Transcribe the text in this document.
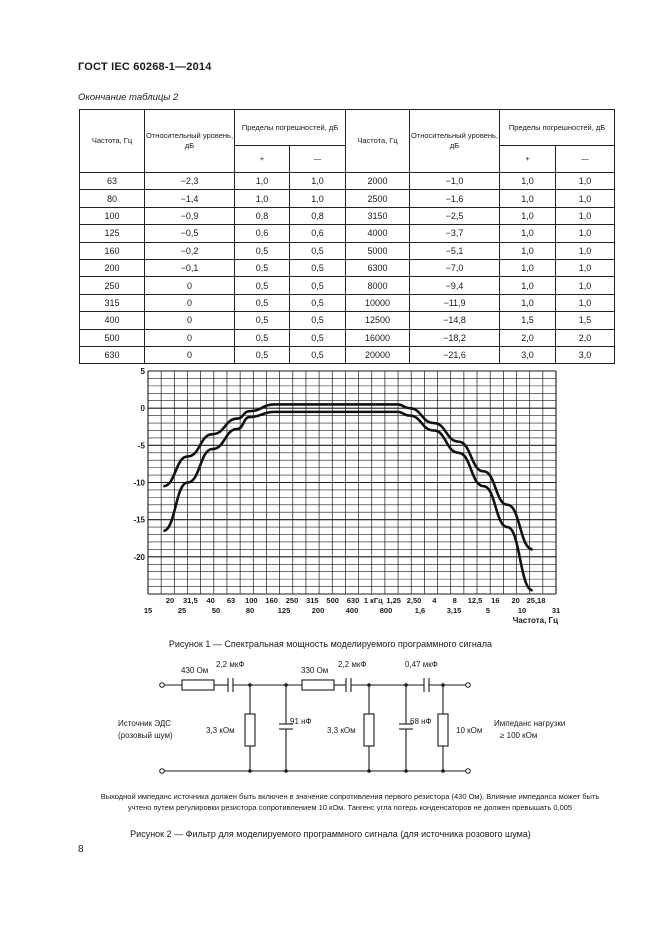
ГОСТ IEC 60268-1—2014
Окончание таблицы 2
Частота, Гц	Относительный уровень, дБ	Пределы погрешностей, дБ		Частота, Гц	Относительный уровень, дБ	Пределы погрешностей, дБ	
		+	—			+	—
63	−2,3	1,0	1,0	2000	−1,0	1,0	1,0
80	−1,4	1,0	1,0	2500	−1,6	1,0	1,0
100	−0,9	0,8	0,8	3150	−2,5	1,0	1,0
125	−0,5	0,6	0,6	4000	−3,7	1,0	1,0
160	−0,2	0,5	0,5	5000	−5,1	1,0	1,0
200	−0,1	0,5	0,5	6300	−7,0	1,0	1,0
250	0	0,5	0,5	8000	−9,4	1,0	1,0
315	0	0,5	0,5	10000	−11,9	1,0	1,0
400	0	0,5	0,5	12500	−14,8	1,5	1,5
500	0	0,5	0,5	16000	−18,2	2,0	2,0
630	0	0,5	0,5	20000	−21,6	3,0	3,0
5
0
-5
-10
-15
-20
20 31,5 40 63 100 160 250 315 500 630 1 кГц 1,25 2,50 4 8 12,5 16 20 25,18
15	25	50	80	125	200	400	800	1,6	3,15	5	10	31
Частота, Гц
Рисунок 1 — Спектральная мощность моделируемого программного сигнала
430 Ом
2,2 мкФ
330 Ом
2,2 мкФ	0,47 мкФ
3,3 кОм
91 нФ
3,3 кОм
68 нФ
10 кОм
Источник ЭДС
(розовый шум)
Импеданс нагрузки
≥ 100 кОм
Выходной импеданс источника должен быть включен в значение сопротивления первого резистора (430 Ом). Влияние импеданса может быть учтено путем регулировки резистора сопротивлением 10 кОм. Тангенс угла потерь конденсаторов не должен превышать 0,005
Рисунок 2 — Фильтр для моделируемого программного сигнала (для источника розового шума)
8
